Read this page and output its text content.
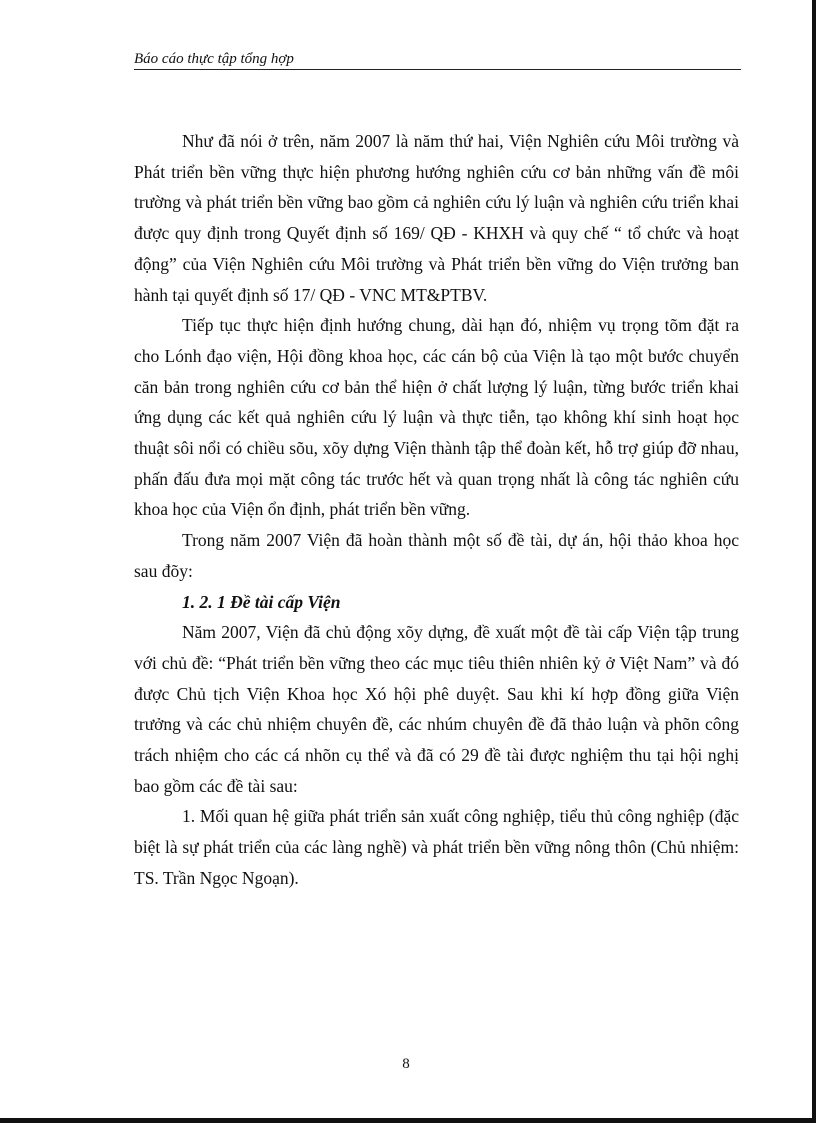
Báo cáo thực tập tổng hợp

Như đã nói ở trên, năm 2007 là năm thứ hai, Viện Nghiên cứu Môi trường và Phát triển bền vững thực hiện phương hướng nghiên cứu cơ bản những vấn đề môi trường và phát triển bền vững bao gồm cả nghiên cứu lý luận và nghiên cứu triển khai được quy định trong Quyết định số 169/ QĐ - KHXH và quy chế “ tổ chức và hoạt động” của Viện Nghiên cứu Môi trường và Phát triển bền vững do Viện trưởng ban hành tại quyết định số 17/ QĐ - VNC MT&PTBV.

Tiếp tục thực hiện định hướng chung, dài hạn đó, nhiệm vụ trọng tõm đặt ra cho Lónh đạo viện, Hội đồng khoa học, các cán bộ của Viện là tạo một bước chuyển căn bản trong nghiên cứu cơ bản thể hiện ở chất lượng lý luận, từng bước triển khai ứng dụng các kết quả nghiên cứu lý luận và thực tiễn, tạo không khí sinh hoạt học thuật sôi nổi có chiều sõu, xõy dựng Viện thành tập thể đoàn kết, hỗ trợ giúp đỡ nhau, phấn đấu đưa mọi mặt công tác trước hết và quan trọng nhất là công tác nghiên cứu khoa học của Viện ổn định, phát triển bền vững.

Trong năm 2007 Viện đã hoàn thành một số đề tài, dự án, hội thảo khoa học sau đõy:

1. 2. 1 Đề tài cấp Viện

Năm 2007, Viện đã chủ động xõy dựng, đề xuất một đề tài cấp Viện tập trung với chủ đề: “Phát triển bền vững theo các mục tiêu thiên nhiên kỷ ở Việt Nam” và đó được Chủ tịch Viện Khoa học Xó hội phê duyệt. Sau khi kí hợp đồng giữa Viện trưởng và các chủ nhiệm chuyên đề, các nhúm chuyên đề đã thảo luận và phõn công trách nhiệm cho các cá nhõn cụ thể và đã có 29 đề tài được nghiệm thu tại hội nghị bao gồm các đề tài sau:

1. Mối quan hệ giữa phát triển sản xuất công nghiệp, tiểu thủ công nghiệp (đặc biệt là sự phát triển của các làng nghề) và phát triển bền vững nông thôn (Chủ nhiệm: TS. Trần Ngọc Ngoạn).

8
